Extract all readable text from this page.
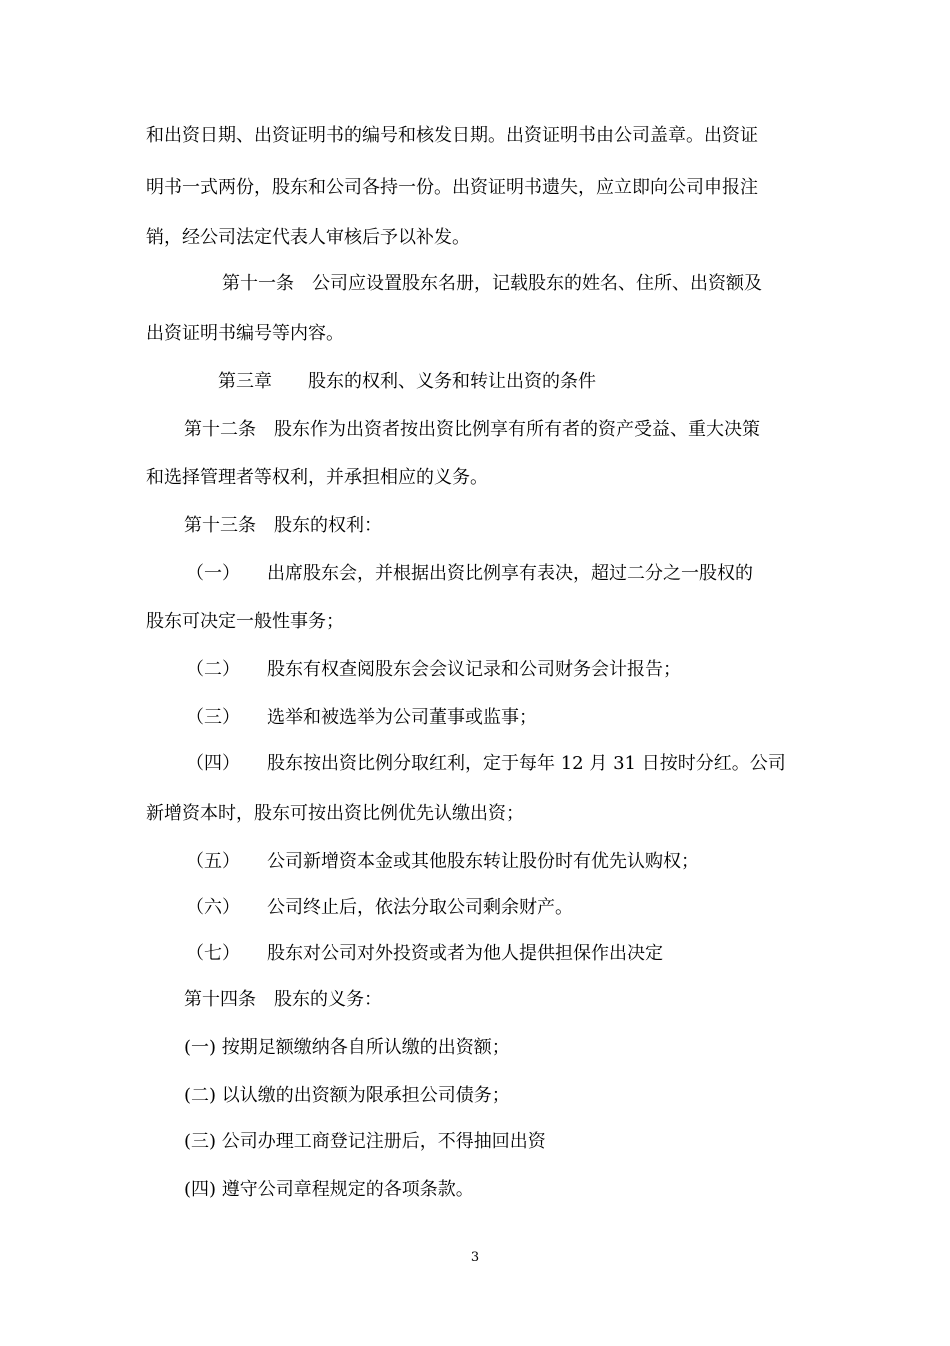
和出资日期、出资证明书的编号和核发日期。出资证明书由公司盖章。出资证
明书一式两份，股东和公司各持一份。出资证明书遗失，应立即向公司申报注
销，经公司法定代表人审核后予以补发。
第十一条　公司应设置股东名册，记载股东的姓名、住所、出资额及
出资证明书编号等内容。
第三章　　股东的权利、义务和转让出资的条件
第十二条　股东作为出资者按出资比例享有所有者的资产受益、重大决策
和选择管理者等权利，并承担相应的义务。
第十三条　股东的权利：
（一）　　出席股东会，并根据出资比例享有表决，超过二分之一股权的
股东可决定一般性事务；
（二）　　股东有权查阅股东会会议记录和公司财务会计报告；
（三）　　选举和被选举为公司董事或监事；
（四）　　股东按出资比例分取红利，定于每年 12 月 31 日按时分红。公司
新增资本时，股东可按出资比例优先认缴出资；
（五）　　公司新增资本金或其他股东转让股份时有优先认购权；
（六）　　公司终止后，依法分取公司剩余财产。
（七）　　股东对公司对外投资或者为他人提供担保作出决定
第十四条　股东的义务：
(一) 按期足额缴纳各自所认缴的出资额；
(二) 以认缴的出资额为限承担公司债务；
(三) 公司办理工商登记注册后，不得抽回出资
(四) 遵守公司章程规定的各项条款。
3
